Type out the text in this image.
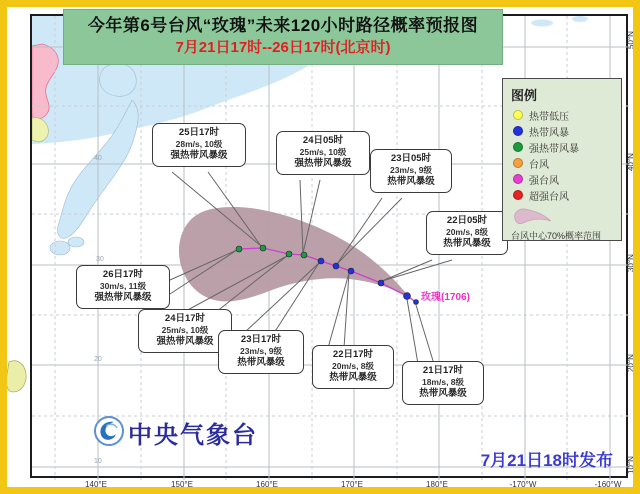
40
30
20
10
今年第6号台风“玫瑰”未来120小时路径概率预报图
7月21日17时--26日17时(北京时)
图例
热带低压
热带风暴
强热带风暴
台风
强台风
超强台风
台风中心70%概率范围
25日17时
28m/s, 10级
强热带风暴级
24日05时
25m/s, 10级
强热带风暴级	23日05时
23m/s, 9级
热带风暴级
22日05时
20m/s, 8级
热带风暴级
26日17时
30m/s, 11级
强热带风暴级
24日17时
25m/s, 10级
强热带风暴级	23日17时
23m/s, 9级
热带风暴级
22日17时
20m/s, 8级
热带风暴级
21日17时
18m/s, 8级
热带风暴级
玫瑰(1706)
140°E	150°E	160°E	170°E	180°E	-170°W	-160°W
50°N
40°N
30°N
20°N
10°N
中央气象台
7月21日18时发布
